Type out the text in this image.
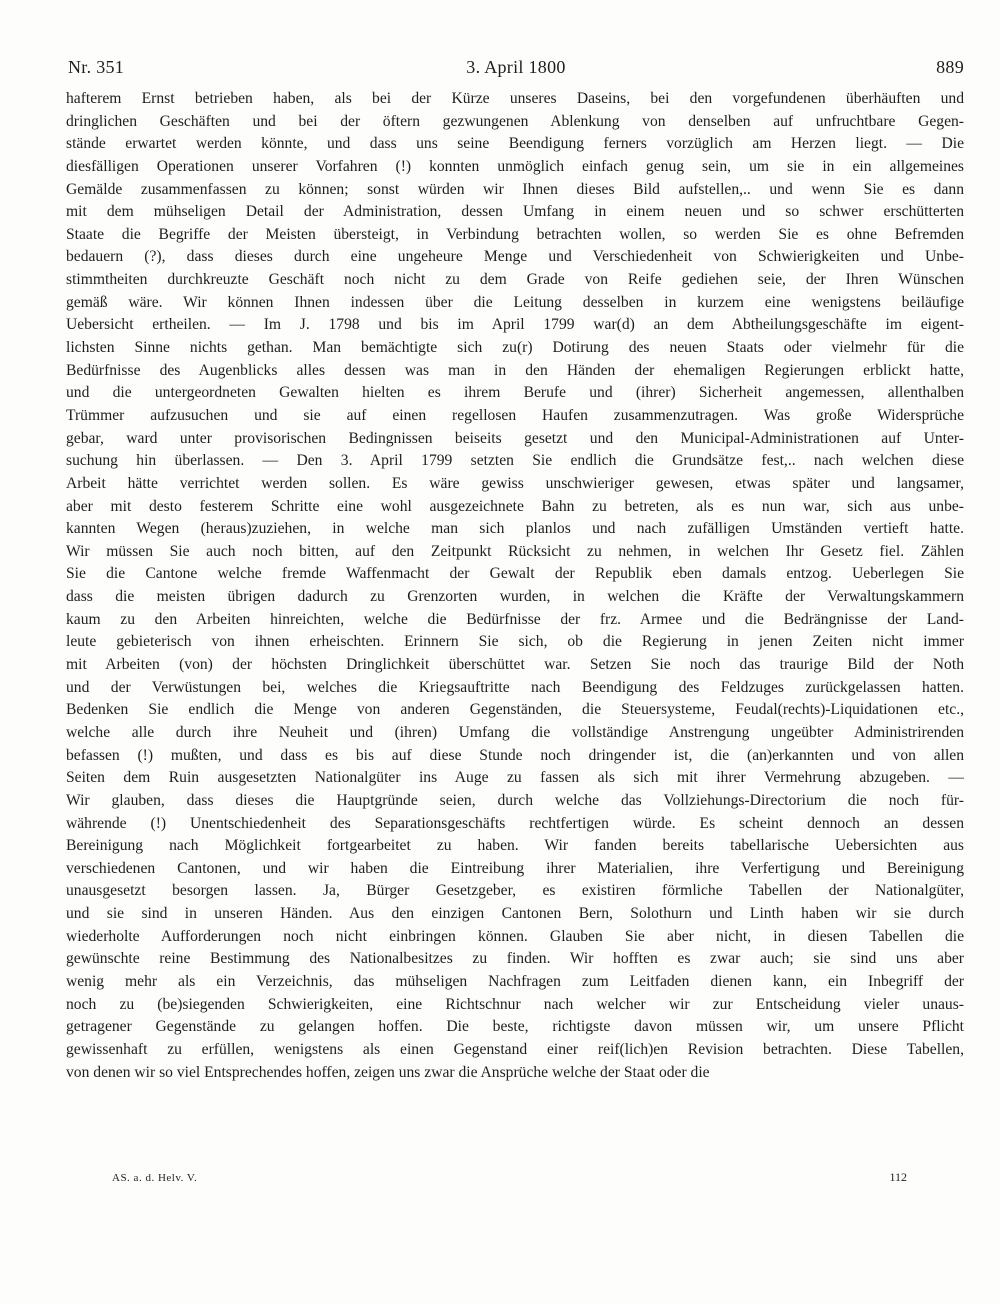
Nr. 351	3. April 1800	889
hafterem Ernst betrieben haben, als bei der Kürze unseres Daseins, bei den vorgefundenen überhäuften und
dringlichen Geschäften und bei der öftern gezwungenen Ablenkung von denselben auf unfruchtbare Gegen-
stände erwartet werden könnte, und dass uns seine Beendigung ferners vorzüglich am Herzen liegt. — Die
diesfälligen Operationen unserer Vorfahren (!) konnten unmöglich einfach genug sein, um sie in ein allgemeines
Gemälde zusammenfassen zu können; sonst würden wir Ihnen dieses Bild aufstellen,.. und wenn Sie es dann
mit dem mühseligen Detail der Administration, dessen Umfang in einem neuen und so schwer erschütterten
Staate die Begriffe der Meisten übersteigt, in Verbindung betrachten wollen, so werden Sie es ohne Befremden
bedauern (?), dass dieses durch eine ungeheure Menge und Verschiedenheit von Schwierigkeiten und Unbe-
stimmtheiten durchkreuzte Geschäft noch nicht zu dem Grade von Reife gediehen seie, der Ihren Wünschen
gemäß wäre. Wir können Ihnen indessen über die Leitung desselben in kurzem eine wenigstens beiläufige
Uebersicht ertheilen. — Im J. 1798 und bis im April 1799 war(d) an dem Abtheilungsgeschäfte im eigent-
lichsten Sinne nichts gethan. Man bemächtigte sich zu(r) Dotirung des neuen Staats oder vielmehr für die
Bedürfnisse des Augenblicks alles dessen was man in den Händen der ehemaligen Regierungen erblickt hatte,
und die untergeordneten Gewalten hielten es ihrem Berufe und (ihrer) Sicherheit angemessen, allenthalben
Trümmer aufzusuchen und sie auf einen regellosen Haufen zusammenzutragen. Was große Widersprüche
gebar, ward unter provisorischen Bedingnissen beiseits gesetzt und den Municipal-Administrationen auf Unter-
suchung hin überlassen. — Den 3. April 1799 setzten Sie endlich die Grundsätze fest,.. nach welchen diese
Arbeit hätte verrichtet werden sollen. Es wäre gewiss unschwieriger gewesen, etwas später und langsamer,
aber mit desto festerem Schritte eine wohl ausgezeichnete Bahn zu betreten, als es nun war, sich aus unbe-
kannten Wegen (heraus)zuziehen, in welche man sich planlos und nach zufälligen Umständen vertieft hatte.
Wir müssen Sie auch noch bitten, auf den Zeitpunkt Rücksicht zu nehmen, in welchen Ihr Gesetz fiel. Zählen
Sie die Cantone welche fremde Waffenmacht der Gewalt der Republik eben damals entzog. Ueberlegen Sie
dass die meisten übrigen dadurch zu Grenzorten wurden, in welchen die Kräfte der Verwaltungskammern
kaum zu den Arbeiten hinreichten, welche die Bedürfnisse der frz. Armee und die Bedrängnisse der Land-
leute gebieterisch von ihnen erheischten. Erinnern Sie sich, ob die Regierung in jenen Zeiten nicht immer
mit Arbeiten (von) der höchsten Dringlichkeit überschüttet war. Setzen Sie noch das traurige Bild der Noth
und der Verwüstungen bei, welches die Kriegsauftritte nach Beendigung des Feldzuges zurückgelassen hatten.
Bedenken Sie endlich die Menge von anderen Gegenständen, die Steuersysteme, Feudal(rechts)-Liquidationen etc.,
welche alle durch ihre Neuheit und (ihren) Umfang die vollständige Anstrengung ungeübter Administrirenden
befassen (!) mußten, und dass es bis auf diese Stunde noch dringender ist, die (an)erkannten und von allen
Seiten dem Ruin ausgesetzten Nationalgüter ins Auge zu fassen als sich mit ihrer Vermehrung abzugeben. —
Wir glauben, dass dieses die Hauptgründe seien, durch welche das Vollziehungs-Directorium die noch für-
währende (!) Unentschiedenheit des Separationsgeschäfts rechtfertigen würde. Es scheint dennoch an dessen
Bereinigung nach Möglichkeit fortgearbeitet zu haben. Wir fanden bereits tabellarische Uebersichten aus
verschiedenen Cantonen, und wir haben die Eintreibung ihrer Materialien, ihre Verfertigung und Bereinigung
unausgesetzt besorgen lassen. Ja, Bürger Gesetzgeber, es existiren förmliche Tabellen der Nationalgüter,
und sie sind in unseren Händen. Aus den einzigen Cantonen Bern, Solothurn und Linth haben wir sie durch
wiederholte Aufforderungen noch nicht einbringen können. Glauben Sie aber nicht, in diesen Tabellen die
gewünschte reine Bestimmung des Nationalbesitzes zu finden. Wir hofften es zwar auch; sie sind uns aber
wenig mehr als ein Verzeichnis, das mühseligen Nachfragen zum Leitfaden dienen kann, ein Inbegriff der
noch zu (be)siegenden Schwierigkeiten, eine Richtschnur nach welcher wir zur Entscheidung vieler unaus-
getragener Gegenstände zu gelangen hoffen. Die beste, richtigste davon müssen wir, um unsere Pflicht
gewissenhaft zu erfüllen, wenigstens als einen Gegenstand einer reif(lich)en Revision betrachten. Diese Tabellen,
von denen wir so viel Entsprechendes hoffen, zeigen uns zwar die Ansprüche welche der Staat oder die
AS. a. d. Helv. V.	112
